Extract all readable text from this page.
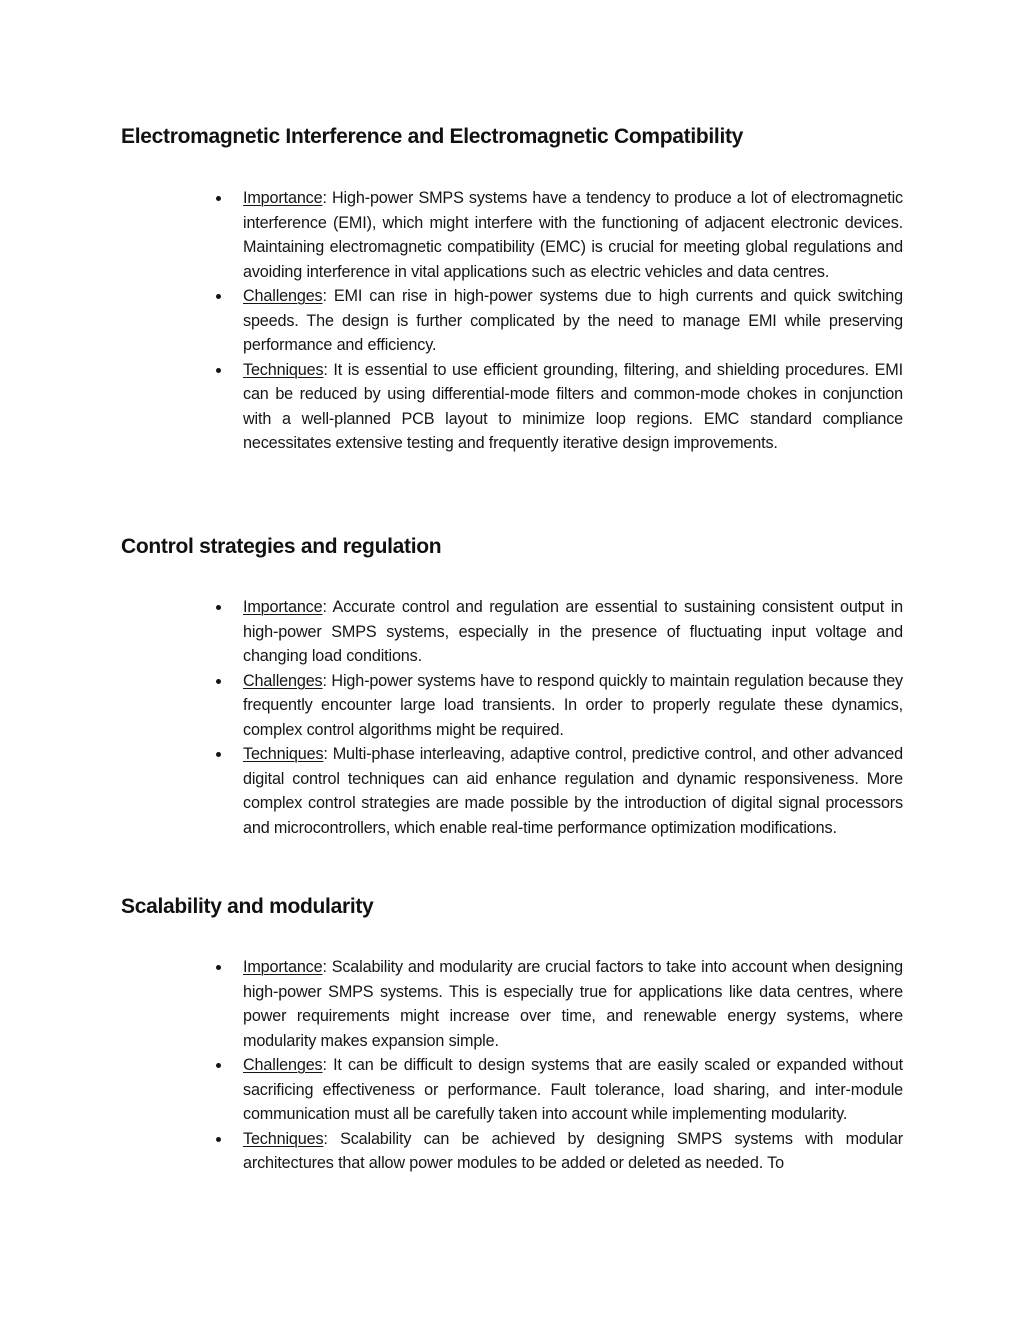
Electromagnetic Interference and Electromagnetic Compatibility
Importance: High-power SMPS systems have a tendency to produce a lot of electromagnetic interference (EMI), which might interfere with the functioning of adjacent electronic devices. Maintaining electromagnetic compatibility (EMC) is crucial for meeting global regulations and avoiding interference in vital applications such as electric vehicles and data centres.
Challenges: EMI can rise in high-power systems due to high currents and quick switching speeds. The design is further complicated by the need to manage EMI while preserving performance and efficiency.
Techniques: It is essential to use efficient grounding, filtering, and shielding procedures. EMI can be reduced by using differential-mode filters and common-mode chokes in conjunction with a well-planned PCB layout to minimize loop regions. EMC standard compliance necessitates extensive testing and frequently iterative design improvements.
Control strategies and regulation
Importance: Accurate control and regulation are essential to sustaining consistent output in high-power SMPS systems, especially in the presence of fluctuating input voltage and changing load conditions.
Challenges: High-power systems have to respond quickly to maintain regulation because they frequently encounter large load transients. In order to properly regulate these dynamics, complex control algorithms might be required.
Techniques: Multi-phase interleaving, adaptive control, predictive control, and other advanced digital control techniques can aid enhance regulation and dynamic responsiveness. More complex control strategies are made possible by the introduction of digital signal processors and microcontrollers, which enable real-time performance optimization modifications.
Scalability and modularity
Importance: Scalability and modularity are crucial factors to take into account when designing high-power SMPS systems. This is especially true for applications like data centres, where power requirements might increase over time, and renewable energy systems, where modularity makes expansion simple.
Challenges: It can be difficult to design systems that are easily scaled or expanded without sacrificing effectiveness or performance. Fault tolerance, load sharing, and inter-module communication must all be carefully taken into account while implementing modularity.
Techniques: Scalability can be achieved by designing SMPS systems with modular architectures that allow power modules to be added or deleted as needed. To
